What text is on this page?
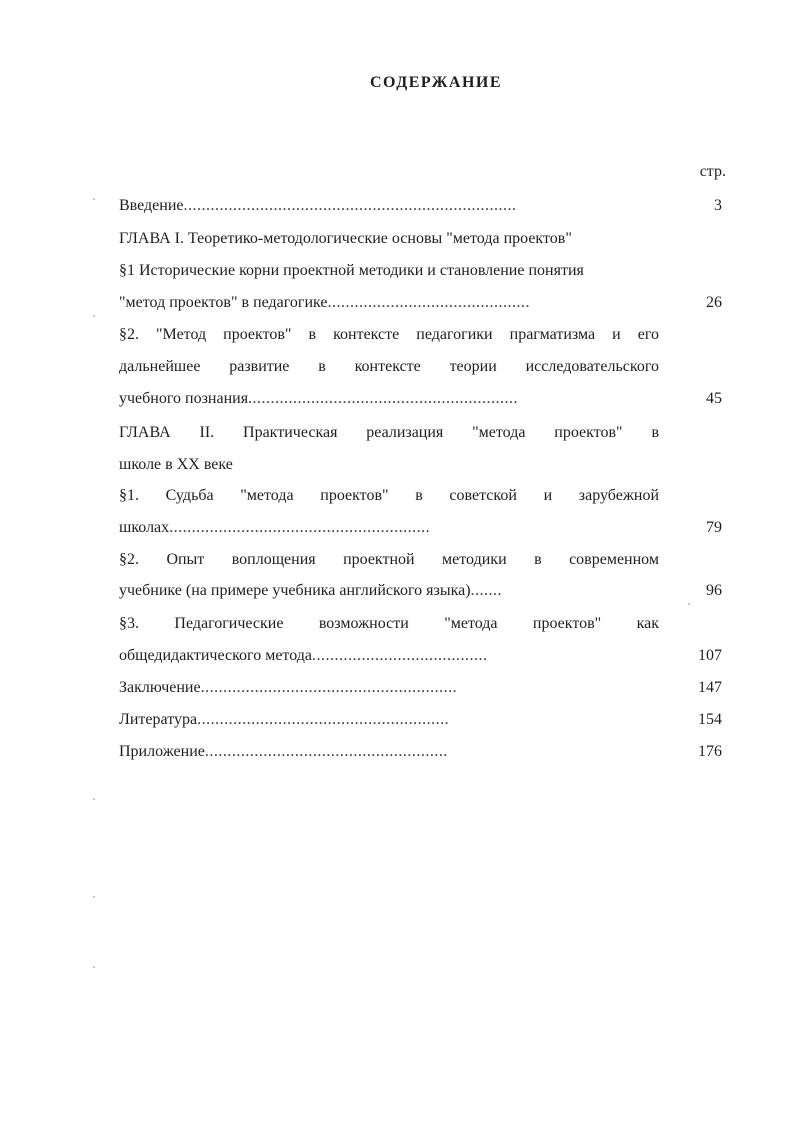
СОДЕРЖАНИЕ
стр.
Введение..........................................................................	3
ГЛАВА I. Теоретико-методологические основы "метода проектов"
§1 Исторические корни проектной методики и становление понятия
"метод проектов" в педагогике.............................................	26
§2. "Метод проектов" в контексте педагогики прагматизма и его
дальнейшее развитие в контексте теории исследовательского
учебного познания............................................................	45
ГЛАВА II. Практическая реализация "метода проектов" в
школе в XX веке
§1. Судьба "метода проектов" в советской и зарубежной
школах..........................................................	79
§2. Опыт воплощения проектной методики в современном
учебнике (на примере учебника английского языка).......	96
§3. Педагогические возможности "метода проектов" как
общедидактического метода.......................................	107
Заключение.........................................................	147
Литература........................................................	154
Приложение......................................................	176
